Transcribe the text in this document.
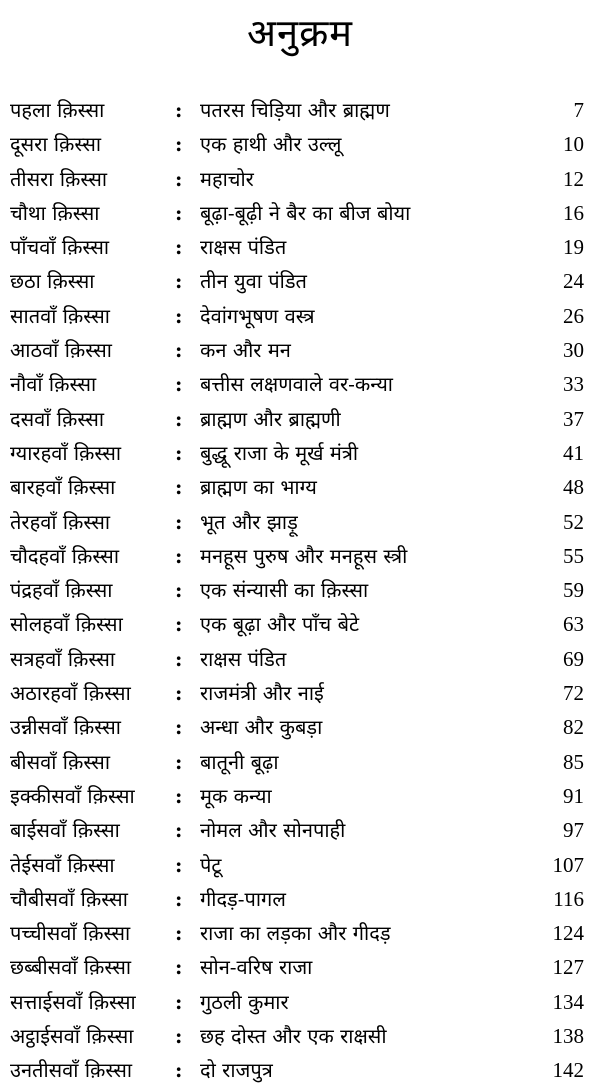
अनुक्रम
पहला क़िस्सा	: पतरस चिड़िया और ब्राह्मण	7
दूसरा क़िस्सा	: एक हाथी और उल्लू	10
तीसरा क़िस्सा	: महाचोर	12
चौथा क़िस्सा	: बूढ़ा-बूढ़ी ने बैर का बीज बोया	16
पाँचवाँ क़िस्सा	: राक्षस पंडित	19
छठा क़िस्सा	: तीन युवा पंडित	24
सातवाँ क़िस्सा	: देवांगभूषण वस्त्र	26
आठवाँ क़िस्सा	: कन और मन	30
नौवाँ क़िस्सा	: बत्तीस लक्षणवाले वर-कन्या	33
दसवाँ क़िस्सा	: ब्राह्मण और ब्राह्मणी	37
ग्यारहवाँ क़िस्सा	: बुद्धू राजा के मूर्ख मंत्री	41
बारहवाँ क़िस्सा	: ब्राह्मण का भाग्य	48
तेरहवाँ क़िस्सा	: भूत और झाड़ू	52
चौदहवाँ क़िस्सा	: मनहूस पुरुष और मनहूस स्त्री	55
पंद्रहवाँ क़िस्सा	: एक संन्यासी का क़िस्सा	59
सोलहवाँ क़िस्सा	: एक बूढ़ा और पाँच बेटे	63
सत्रहवाँ क़िस्सा	: राक्षस पंडित	69
अठारहवाँ क़िस्सा : राजमंत्री और नाई	72
उन्नीसवाँ क़िस्सा	: अन्धा और कुबड़ा	82
बीसवाँ क़िस्सा	: बातूनी बूढ़ा	85
इक्कीसवाँ क़िस्सा : मूक कन्या	91
बाईसवाँ क़िस्सा	: नोमल और सोनपाही	97
तेईसवाँ क़िस्सा	: पेटू	107
चौबीसवाँ क़िस्सा : गीदड़-पागल	116
पच्चीसवाँ क़िस्सा : राजा का लड़का और गीदड़	124
छब्बीसवाँ क़िस्सा : सोन-वरिष राजा	127
सत्ताईसवाँ क़िस्सा : गुठली कुमार	134
अट्ठाईसवाँ क़िस्सा : छह दोस्त और एक राक्षसी	138
उनतीसवाँ क़िस्सा : दो राजपुत्र	142
